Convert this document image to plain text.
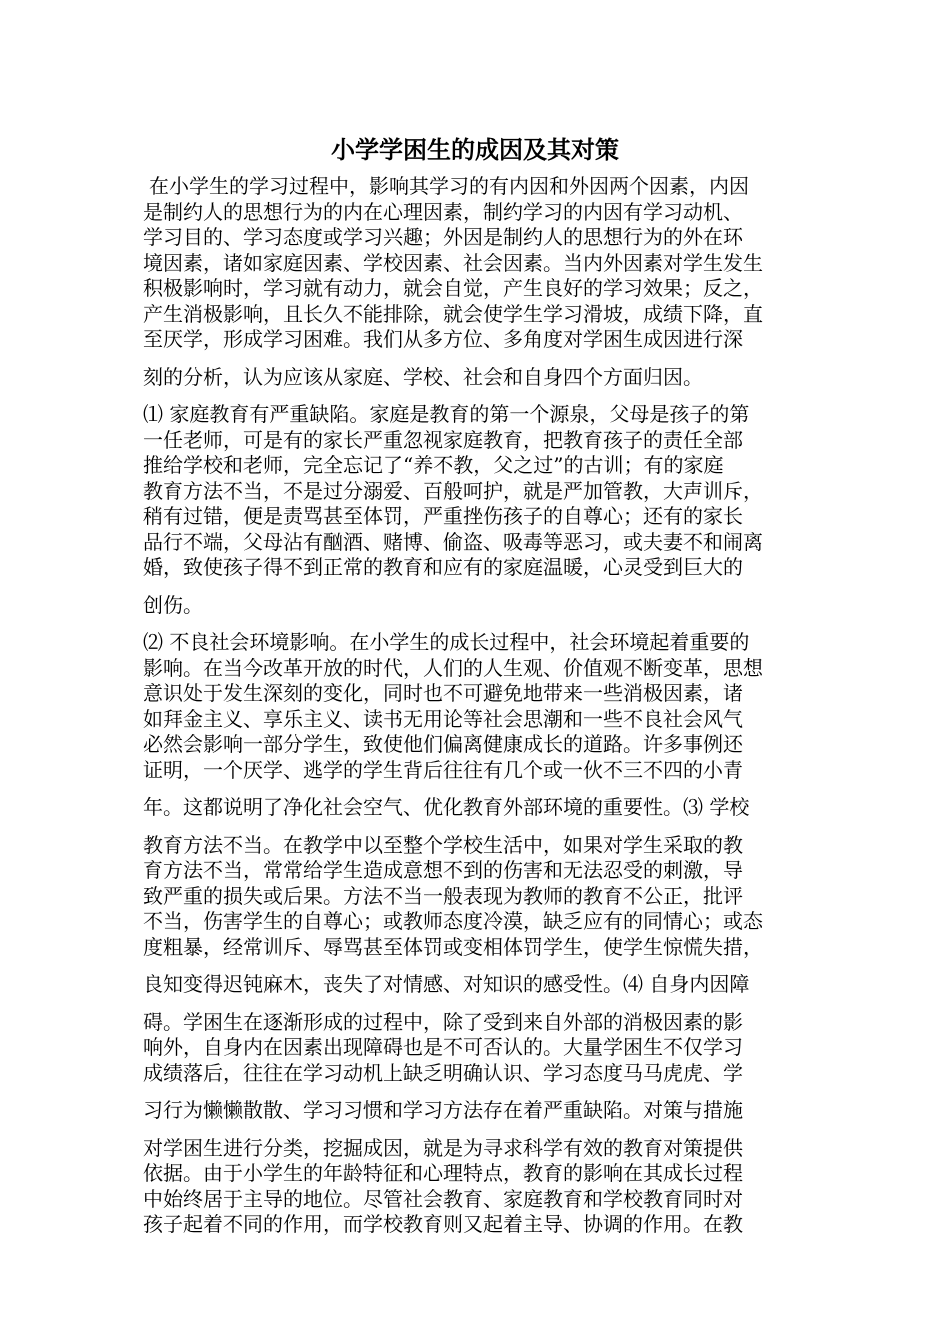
小学学困生的成因及其对策
在小学生的学习过程中，影响其学习的有内因和外因两个因素，内因
是制约人的思想行为的内在心理因素，制约学习的内因有学习动机、
学习目的、学习态度或学习兴趣；外因是制约人的思想行为的外在环
境因素，诸如家庭因素、学校因素、社会因素。当内外因素对学生发生
积极影响时，学习就有动力，就会自觉，产生良好的学习效果；反之，
产生消极影响，且长久不能排除，就会使学生学习滑坡，成绩下降，直
至厌学，形成学习困难。我们从多方位、多角度对学困生成因进行深
刻的分析，认为应该从家庭、学校、社会和自身四个方面归因。
⑴ 家庭教育有严重缺陷。家庭是教育的第一个源泉，父母是孩子的第
一任老师，可是有的家长严重忽视家庭教育，把教育孩子的责任全部
推给学校和老师，完全忘记了“养不教，父之过”的古训；有的家庭
教育方法不当，不是过分溺爱、百般呵护，就是严加管教，大声训斥，
稍有过错，便是责骂甚至体罚，严重挫伤孩子的自尊心；还有的家长
品行不端，父母沾有酗酒、赌博、偷盗、吸毒等恶习，或夫妻不和闹离
婚，致使孩子得不到正常的教育和应有的家庭温暖，心灵受到巨大的
创伤。
⑵ 不良社会环境影响。在小学生的成长过程中，社会环境起着重要的
影响。在当今改革开放的时代，人们的人生观、价值观不断变革，思想
意识处于发生深刻的变化，同时也不可避免地带来一些消极因素，诸
如拜金主义、享乐主义、读书无用论等社会思潮和一些不良社会风气
必然会影响一部分学生，致使他们偏离健康成长的道路。许多事例还
证明，一个厌学、逃学的学生背后往往有几个或一伙不三不四的小青
年。这都说明了净化社会空气、优化教育外部环境的重要性。⑶ 学校
教育方法不当。在教学中以至整个学校生活中，如果对学生采取的教
育方法不当，常常给学生造成意想不到的伤害和无法忍受的刺激，导
致严重的损失或后果。方法不当一般表现为教师的教育不公正，批评
不当，伤害学生的自尊心；或教师态度冷漠，缺乏应有的同情心；或态
度粗暴，经常训斥、辱骂甚至体罚或变相体罚学生，使学生惊慌失措，
良知变得迟钝麻木，丧失了对情感、对知识的感受性。⑷ 自身内因障
碍。学困生在逐渐形成的过程中，除了受到来自外部的消极因素的影
响外，自身内在因素出现障碍也是不可否认的。大量学困生不仅学习
成绩落后，往往在学习动机上缺乏明确认识、学习态度马马虎虎、学
习行为懒懒散散、学习习惯和学习方法存在着严重缺陷。对策与措施
对学困生进行分类，挖掘成因，就是为寻求科学有效的教育对策提供
依据。由于小学生的年龄特征和心理特点，教育的影响在其成长过程
中始终居于主导的地位。尽管社会教育、家庭教育和学校教育同时对
孩子起着不同的作用，而学校教育则又起着主导、协调的作用。在教
